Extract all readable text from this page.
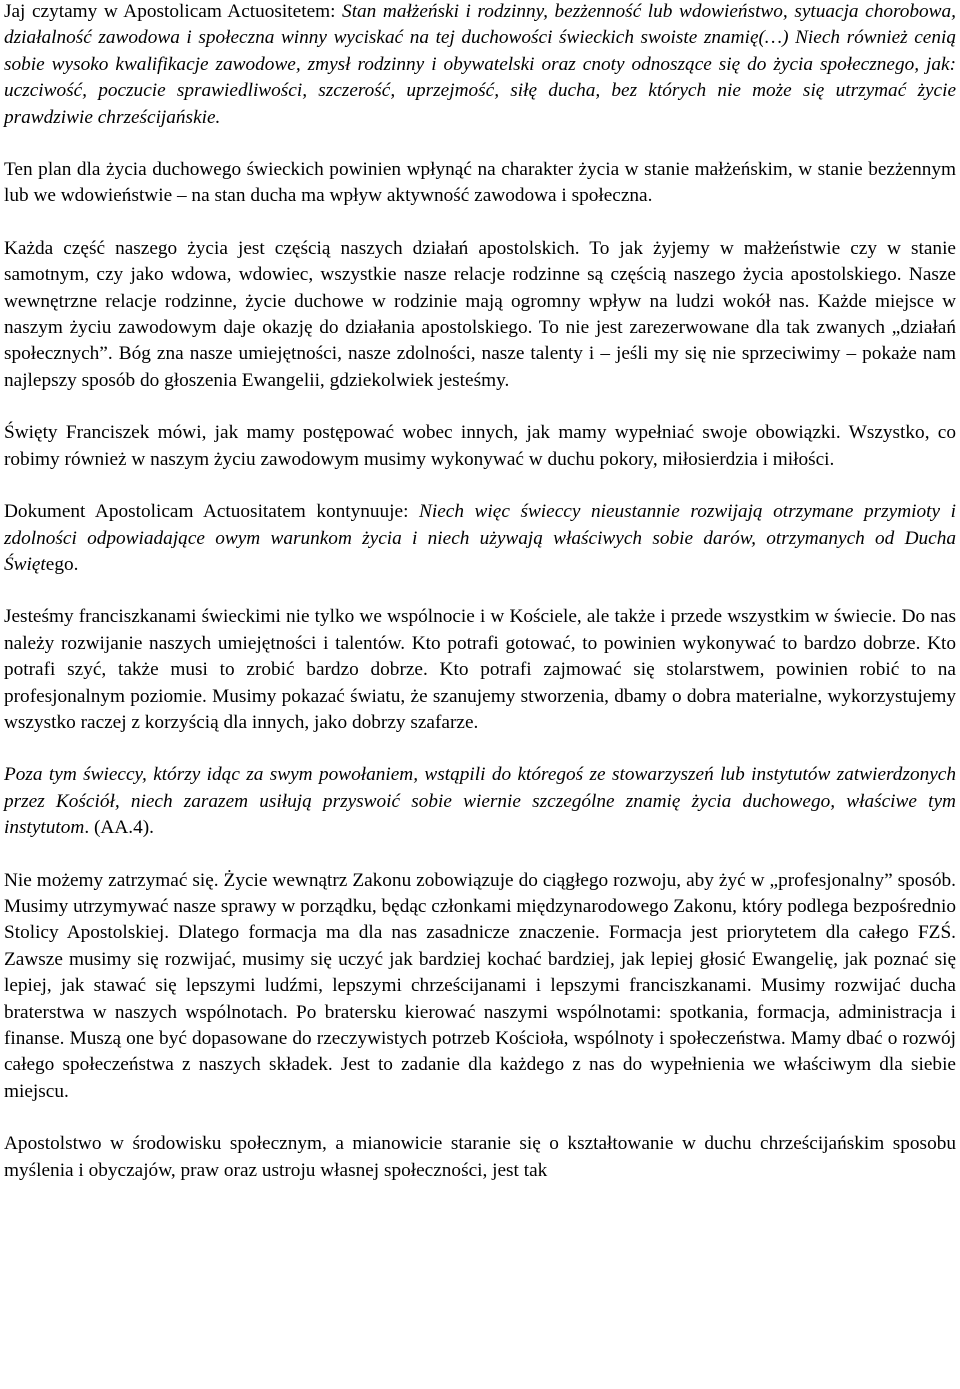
Jaj czytamy w Apostolicam Actuositetem: Stan małżeński i rodzinny, bezżenność lub wdowieństwo, sytuacja chorobowa, działalność zawodowa i społeczna winny wyciskać na tej duchowości świeckich swoiste znamię(…) Niech również cenią sobie wysoko kwalifikacje zawodowe, zmysł rodzinny i obywatelski oraz cnoty odnoszące się do życia społecznego, jak: uczciwość, poczucie sprawiedliwości, szczerość, uprzejmość, siłę ducha, bez których nie może się utrzymać życie prawdziwie chrześcijańskie.

Ten plan dla życia duchowego świeckich powinien wpłynąć na charakter życia w stanie małżeńskim, w stanie bezżennym lub we wdowieństwie – na stan ducha ma wpływ aktywność zawodowa i społeczna.

Każda część naszego życia jest częścią naszych działań apostolskich. To jak żyjemy w małżeństwie czy w stanie samotnym, czy jako wdowa, wdowiec, wszystkie nasze relacje rodzinne są częścią naszego życia apostolskiego. Nasze wewnętrzne relacje rodzinne, życie duchowe w rodzinie mają ogromny wpływ na ludzi wokół nas. Każde miejsce w naszym życiu zawodowym daje okazję do działania apostolskiego. To nie jest zarezerwowane dla tak zwanych „działań społecznych”. Bóg zna nasze umiejętności, nasze zdolności, nasze talenty i – jeśli my się nie sprzeciwimy – pokaże nam najlepszy sposób do głoszenia Ewangelii, gdziekolwiek jesteśmy.

Święty Franciszek mówi, jak mamy postępować wobec innych, jak mamy wypełniać swoje obowiązki. Wszystko, co robimy również w naszym życiu zawodowym musimy wykonywać w duchu pokory, miłosierdzia i miłości.

Dokument Apostolicam Actuositatem kontynuuje: Niech więc świeccy nieustannie rozwijają otrzymane przymioty i zdolności odpowiadające owym warunkom życia i niech używają właściwych sobie darów, otrzymanych od Ducha Świętego.

Jesteśmy franciszkanami świeckimi nie tylko we wspólnocie i w Kościele, ale także i przede wszystkim w świecie. Do nas należy rozwijanie naszych umiejętności i talentów. Kto potrafi gotować, to powinien wykonywać to bardzo dobrze. Kto potrafi szyć, także musi to zrobić bardzo dobrze. Kto potrafi zajmować się stolarstwem, powinien robić to na profesjonalnym poziomie. Musimy pokazać światu, że szanujemy stworzenia, dbamy o dobra materialne, wykorzystujemy wszystko raczej z korzyścią dla innych, jako dobrzy szafarze.

Poza tym świeccy, którzy idąc za swym powołaniem, wstąpili do któregoś ze stowarzyszeń lub instytutów zatwierdzonych przez Kościół, niech zarazem usiłują przyswoić sobie wiernie szczególne znamię życia duchowego, właściwe tym instytutom. (AA.4).

Nie możemy zatrzymać się. Życie wewnątrz Zakonu zobowiązuje do ciągłego rozwoju, aby żyć w „profesjonalny” sposób. Musimy utrzymywać nasze sprawy w porządku, będąc członkami międzynarodowego Zakonu, który podlega bezpośrednio Stolicy Apostolskiej. Dlatego formacja ma dla nas zasadnicze znaczenie. Formacja jest priorytetem dla całego FZŚ. Zawsze musimy się rozwijać, musimy się uczyć jak bardziej kochać bardziej, jak lepiej głosić Ewangelię, jak poznać się lepiej, jak stawać się lepszymi ludźmi, lepszymi chrześcijanami i lepszymi franciszkanami. Musimy rozwijać ducha braterstwa w naszych wspólnotach. Po bratersku kierować naszymi wspólnotami: spotkania, formacja, administracja i finanse. Muszą one być dopasowane do rzeczywistych potrzeb Kościoła, wspólnoty i społeczeństwa. Mamy dbać o rozwój całego społeczeństwa z naszych składek. Jest to zadanie dla każdego z nas do wypełnienia we właściwym dla siebie miejscu.

Apostolstwo w środowisku społecznym, a mianowicie staranie się o kształtowanie w duchu chrześcijańskim sposobu myślenia i obyczajów, praw oraz ustroju własnej społeczności, jest tak
